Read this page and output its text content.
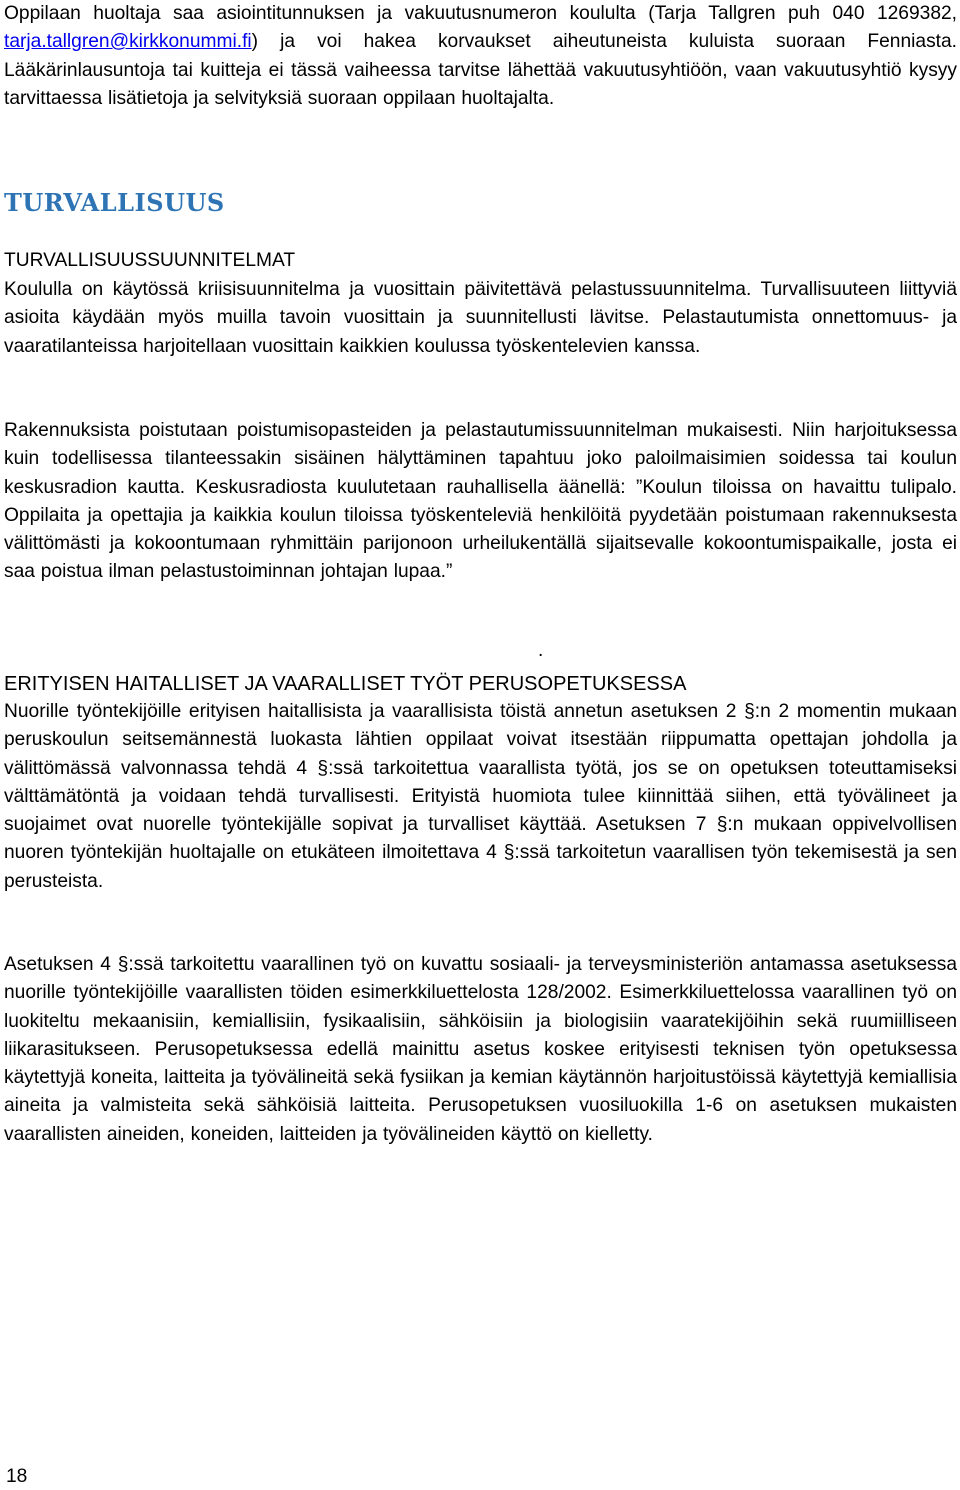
Oppilaan huoltaja saa asiointitunnuksen ja vakuutusnumeron koululta (Tarja Tallgren puh 040 1269382, tarja.tallgren@kirkkonummi.fi) ja voi hakea korvaukset aiheutuneista kuluista suoraan Fenniasta. Lääkärinlausuntoja tai kuitteja ei tässä vaiheessa tarvitse lähettää vakuutusyhtiöön, vaan vakuutusyhtiö kysyy tarvittaessa lisätietoja ja selvityksiä suoraan oppilaan huoltajalta.

TURVALLISUUS
TURVALLISUUSSUUNNITELMAT

Koululla on käytössä kriisisuunnitelma ja vuosittain päivitettävä pelastussuunnitelma. Turvallisuuteen liittyviä asioita käydään myös muilla tavoin vuosittain ja suunnitellusti lävitse. Pelastautumista onnettomuus- ja vaaratilanteissa harjoitellaan vuosittain kaikkien koulussa työskentelevien kanssa.

Rakennuksista poistutaan poistumisopasteiden ja pelastautumissuunnitelman mukaisesti. Niin harjoituksessa kuin todellisessa tilanteessakin sisäinen hälyttäminen tapahtuu joko paloilmaisimien soidessa tai koulun keskusradion kautta. Keskusradiosta kuulutetaan rauhallisella äänellä: ”Koulun tiloissa on havaittu tulipalo. Oppilaita ja opettajia ja kaikkia koulun tiloissa työskenteleviä henkilöitä pyydetään poistumaan rakennuksesta välittömästi ja kokoontumaan ryhmittäin parijonoon urheilukentällä sijaitsevalle kokoontumispaikalle, josta ei saa poistua ilman pelastustoiminnan johtajan lupaa.”

.
ERITYISEN HAITALLISET JA VAARALLISET TYÖT PERUSOPETUKSESSA

Nuorille työntekijöille erityisen haitallisista ja vaarallisista töistä annetun asetuksen 2 §:n 2 momentin mukaan peruskoulun seitsemännestä luokasta lähtien oppilaat voivat itsestään riippumatta opettajan johdolla ja välittömässä valvonnassa tehdä 4 §:ssä tarkoitettua vaarallista työtä, jos se on opetuksen toteuttamiseksi välttämätöntä ja voidaan tehdä turvallisesti. Erityistä huomiota tulee kiinnittää siihen, että työvälineet ja suojaimet ovat nuorelle työntekijälle sopivat ja turvalliset käyttää. Asetuksen 7 §:n mukaan oppivelvollisen nuoren työntekijän huoltajalle on etukäteen ilmoitettava 4 §:ssä tarkoitetun vaarallisen työn tekemisestä ja sen perusteista.

Asetuksen 4 §:ssä tarkoitettu vaarallinen työ on kuvattu sosiaali- ja terveysministeriön antamassa asetuksessa nuorille työntekijöille vaarallisten töiden esimerkkiluettelosta 128/2002. Esimerkkiluettelossa vaarallinen työ on luokiteltu mekaanisiin, kemiallisiin, fysikaalisiin, sähköisiin ja biologisiin vaaratekijöihin sekä ruumiilliseen liikarasitukseen. Perusopetuksessa edellä mainittu asetus koskee erityisesti teknisen työn opetuksessa käytettyjä koneita, laitteita ja työvälineitä sekä fysiikan ja kemian käytännön harjoitustöissä käytettyjä kemiallisia aineita ja valmisteita sekä sähköisiä laitteita. Perusopetuksen vuosiluokilla 1-6 on asetuksen mukaisten vaarallisten aineiden, koneiden, laitteiden ja työvälineiden käyttö on kielletty.

18
